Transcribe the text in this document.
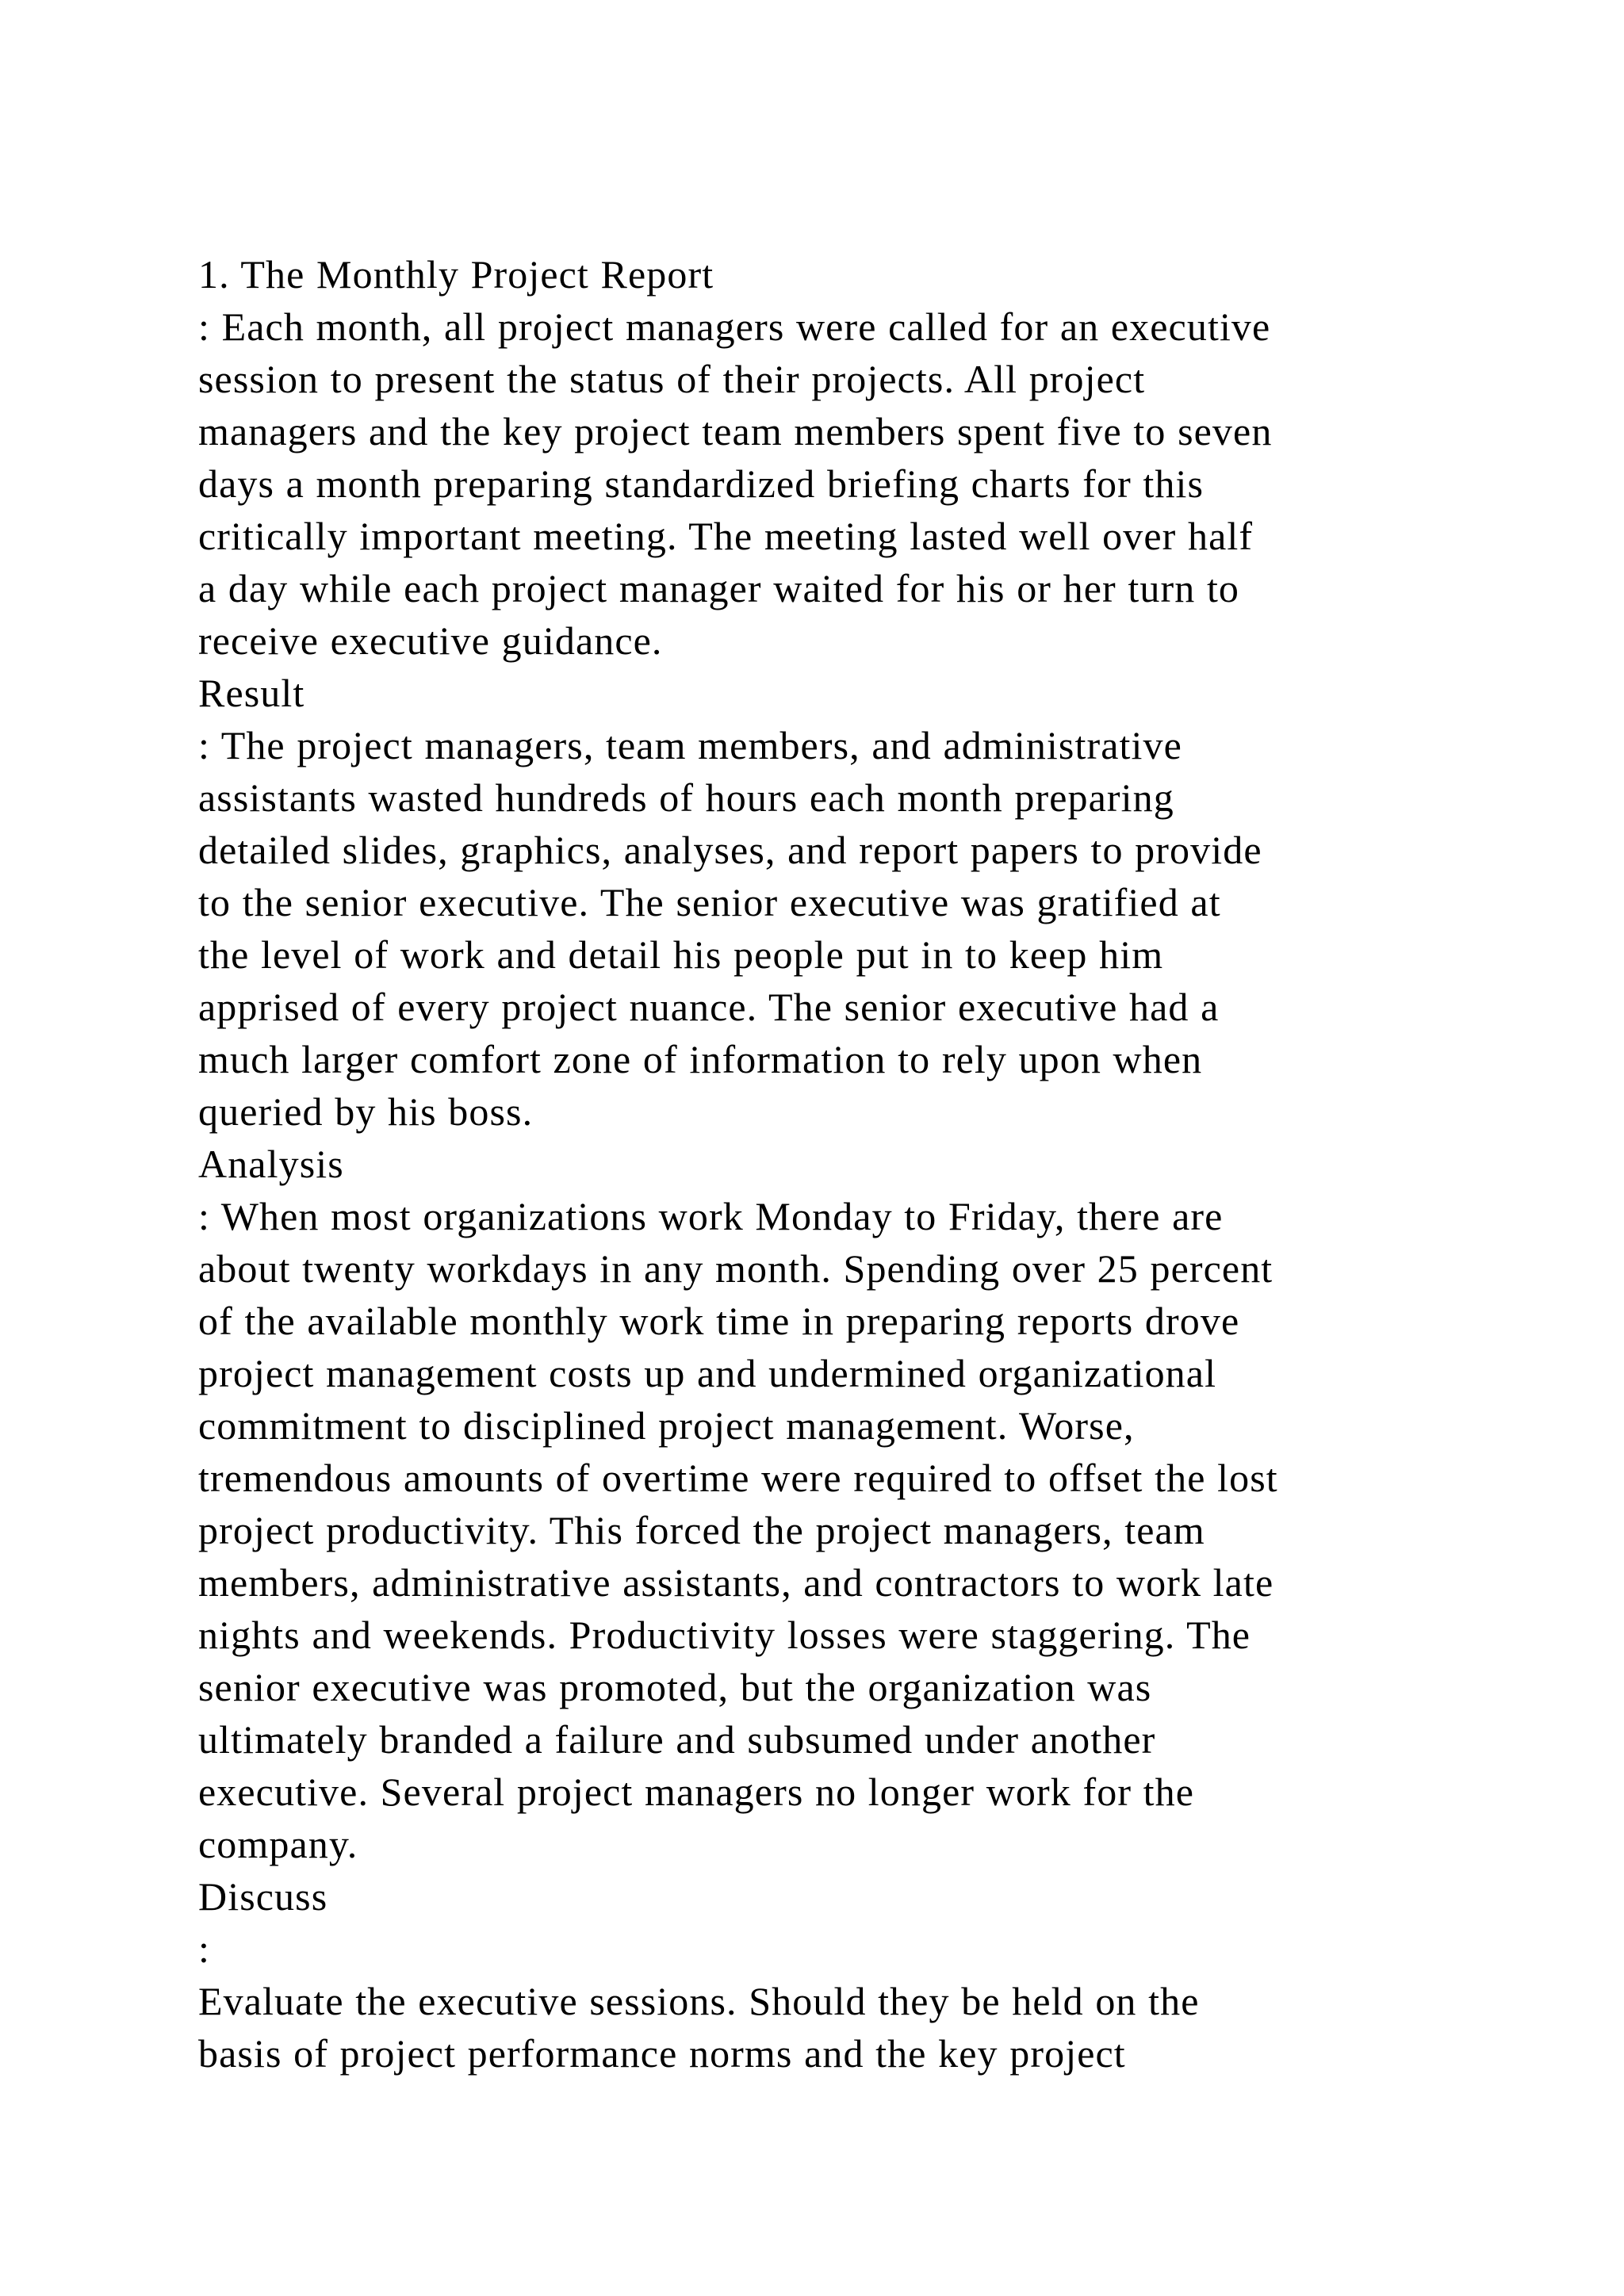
1. The Monthly Project Report
: Each month, all project managers were called for an executive
session to present the status of their projects. All project
managers and the key project team members spent five to seven
days a month preparing standardized briefing charts for this
critically important meeting. The meeting lasted well over half
a day while each project manager waited for his or her turn to
receive executive guidance.
Result
: The project managers, team members, and administrative
assistants wasted hundreds of hours each month preparing
detailed slides, graphics, analyses, and report papers to provide
to the senior executive. The senior executive was gratified at
the level of work and detail his people put in to keep him
apprised of every project nuance. The senior executive had a
much larger comfort zone of information to rely upon when
queried by his boss.
Analysis
: When most organizations work Monday to Friday, there are
about twenty workdays in any month. Spending over 25 percent
of the available monthly work time in preparing reports drove
project management costs up and undermined organizational
commitment to disciplined project management. Worse,
tremendous amounts of overtime were required to offset the lost
project productivity. This forced the project managers, team
members, administrative assistants, and contractors to work late
nights and weekends. Productivity losses were staggering. The
senior executive was promoted, but the organization was
ultimately branded a failure and subsumed under another
executive. Several project managers no longer work for the
company.
Discuss
:
Evaluate the executive sessions. Should they be held on the
basis of project performance norms and the key project
